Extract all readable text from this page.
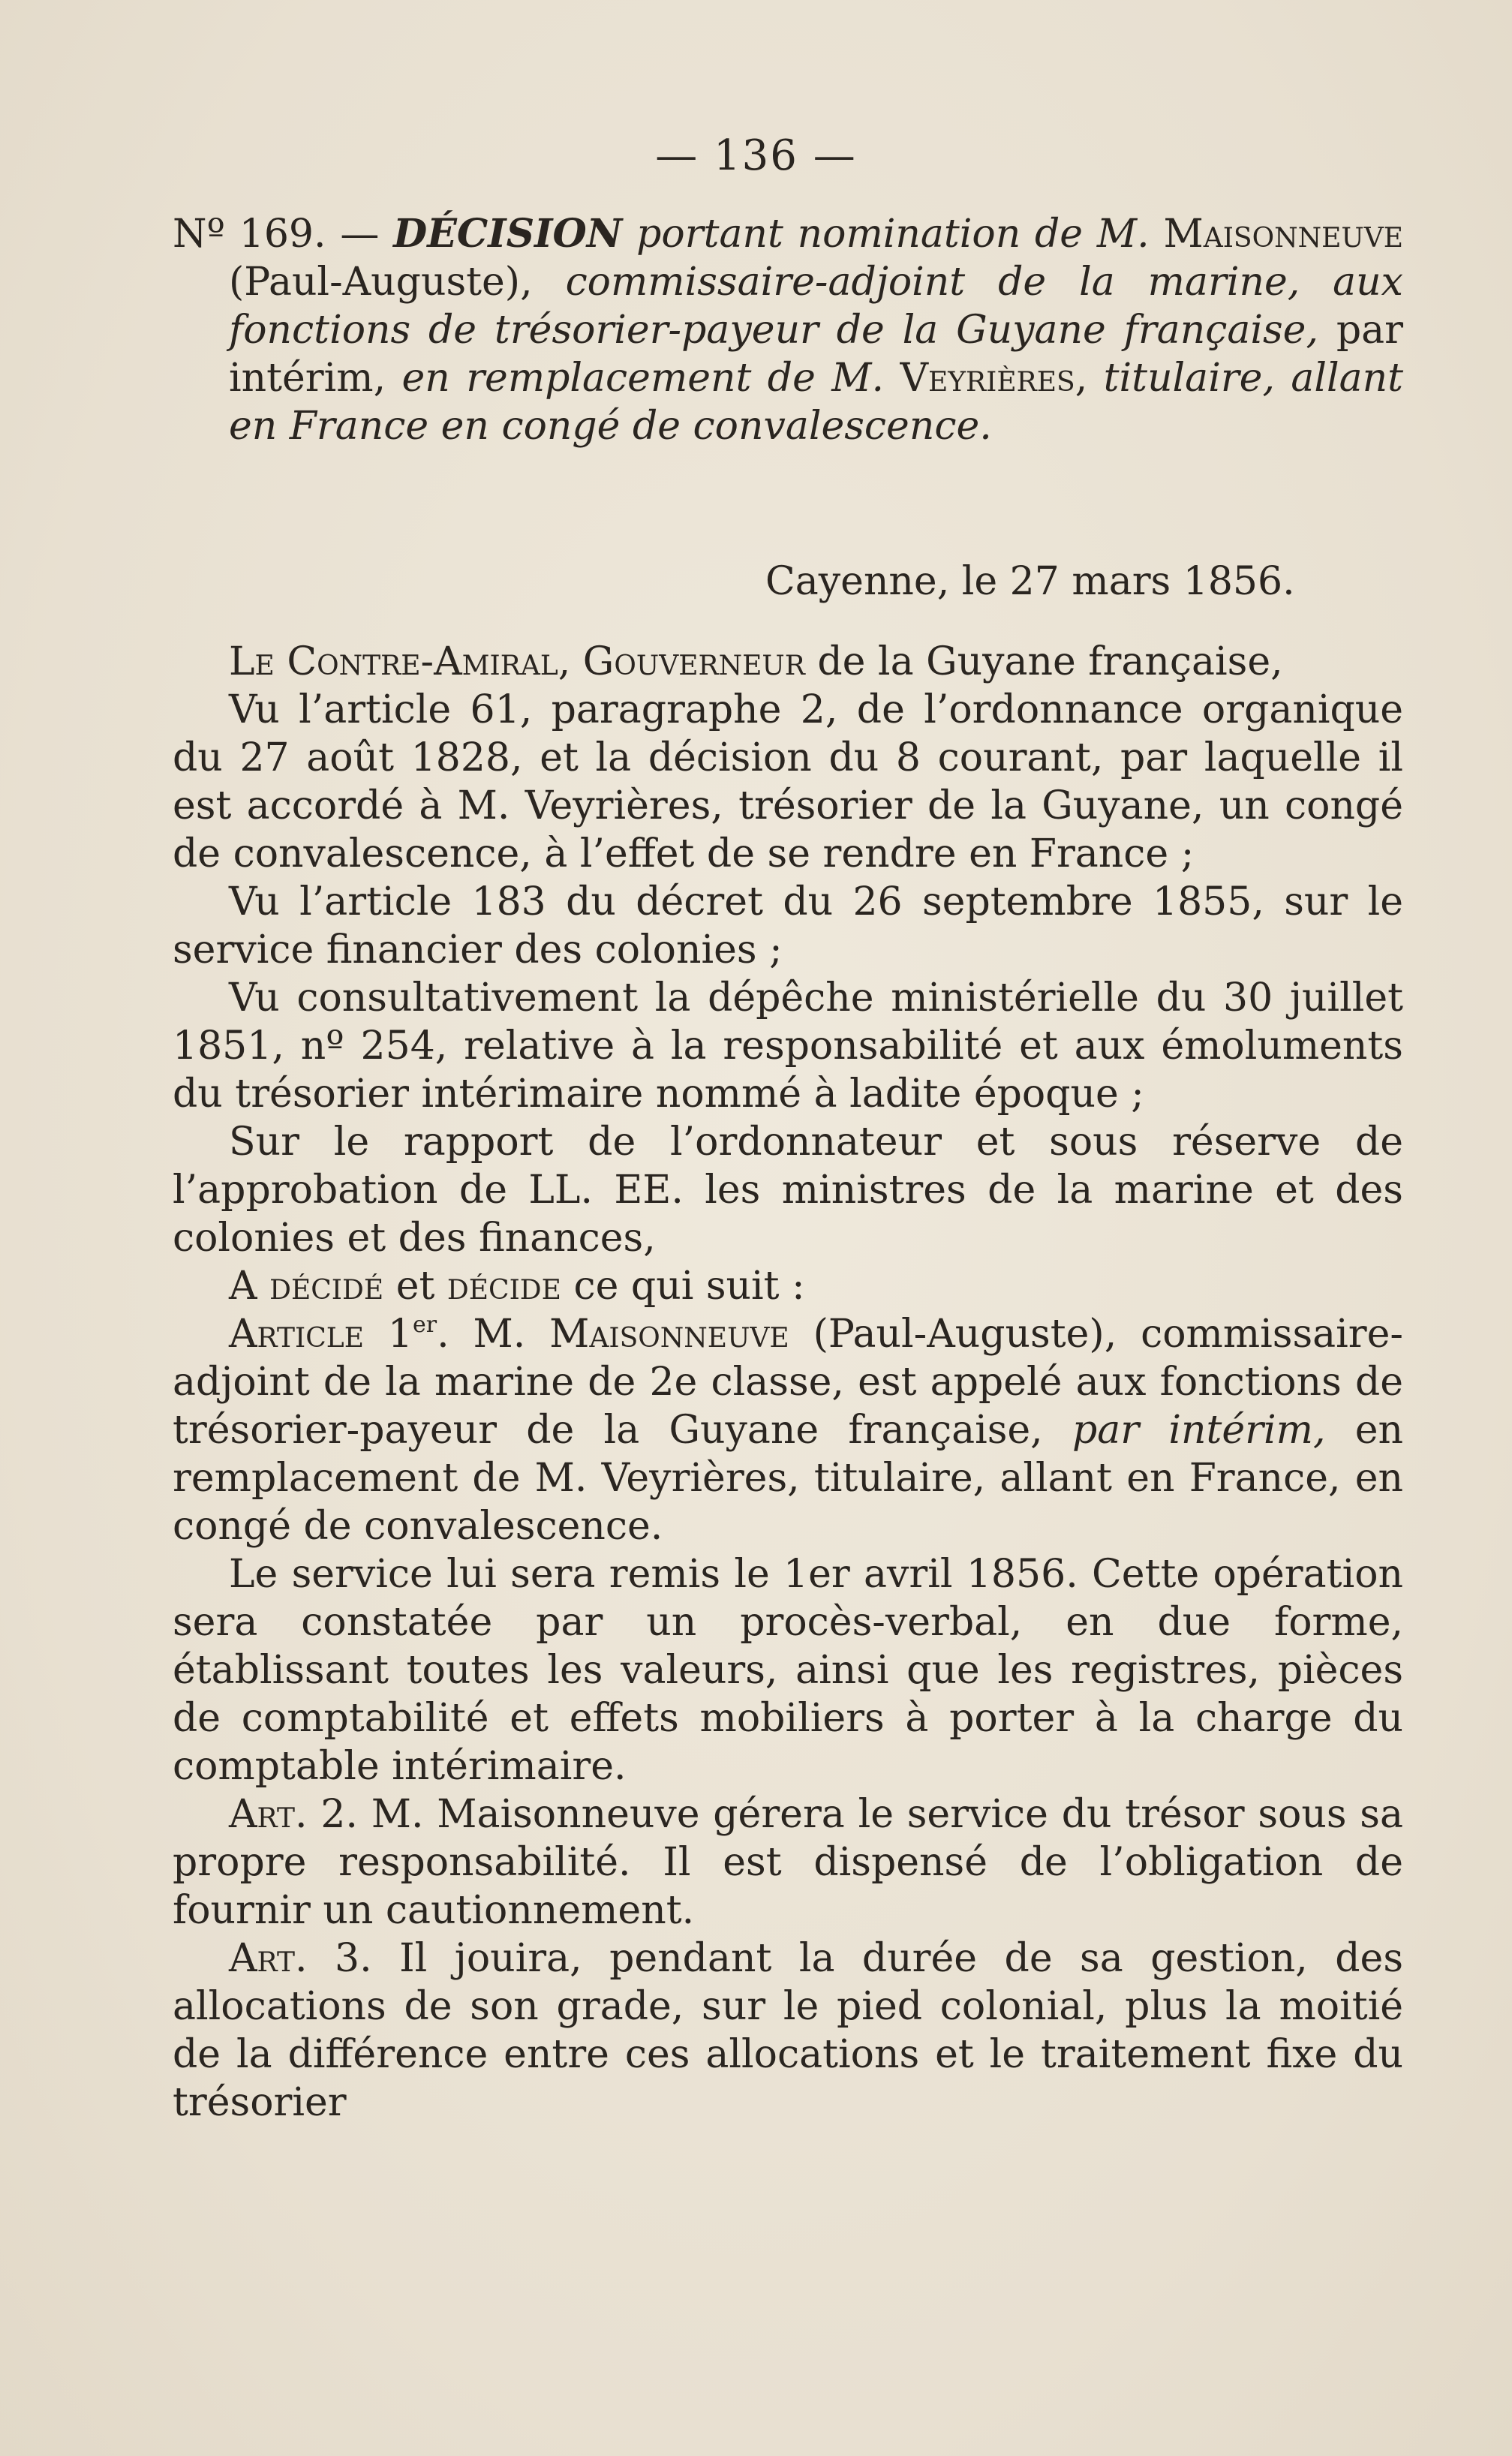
— 136 —

Nº 169. — DÉCISION portant nomination de M. Maisonneuve (Paul-Auguste), commissaire-adjoint de la marine, aux fonctions de trésorier-payeur de la Guyane française, par intérim, en remplacement de M. Veyrières, titulaire, allant en France en congé de convalescence.

Cayenne, le 27 mars 1856.

Le Contre-Amiral, Gouverneur de la Guyane française,

Vu l’article 61, paragraphe 2, de l’ordonnance organique du 27 août 1828, et la décision du 8 courant, par laquelle il est accordé à M. Veyrières, trésorier de la Guyane, un congé de convalescence, à l’effet de se rendre en France ;

Vu l’article 183 du décret du 26 septembre 1855, sur le service financier des colonies ;

Vu consultativement la dépêche ministérielle du 30 juillet 1851, nº 254, relative à la responsabilité et aux émoluments du trésorier intérimaire nommé à ladite époque ;

Sur le rapport de l’ordonnateur et sous réserve de l’approbation de LL. EE. les ministres de la marine et des colonies et des finances,

A décidé et décide ce qui suit :

Article 1er. M. Maisonneuve (Paul-Auguste), commissaire-adjoint de la marine de 2e classe, est appelé aux fonctions de trésorier-payeur de la Guyane française, par intérim, en remplacement de M. Veyrières, titulaire, allant en France, en congé de convalescence.

Le service lui sera remis le 1er avril 1856. Cette opération sera constatée par un procès-verbal, en due forme, établissant toutes les valeurs, ainsi que les registres, pièces de comptabilité et effets mobiliers à porter à la charge du comptable intérimaire.

Art. 2. M. Maisonneuve gérera le service du trésor sous sa propre responsabilité. Il est dispensé de l’obligation de fournir un cautionnement.

Art. 3. Il jouira, pendant la durée de sa gestion, des allocations de son grade, sur le pied colonial, plus la moitié de la différence entre ces allocations et le traitement fixe du trésorier
